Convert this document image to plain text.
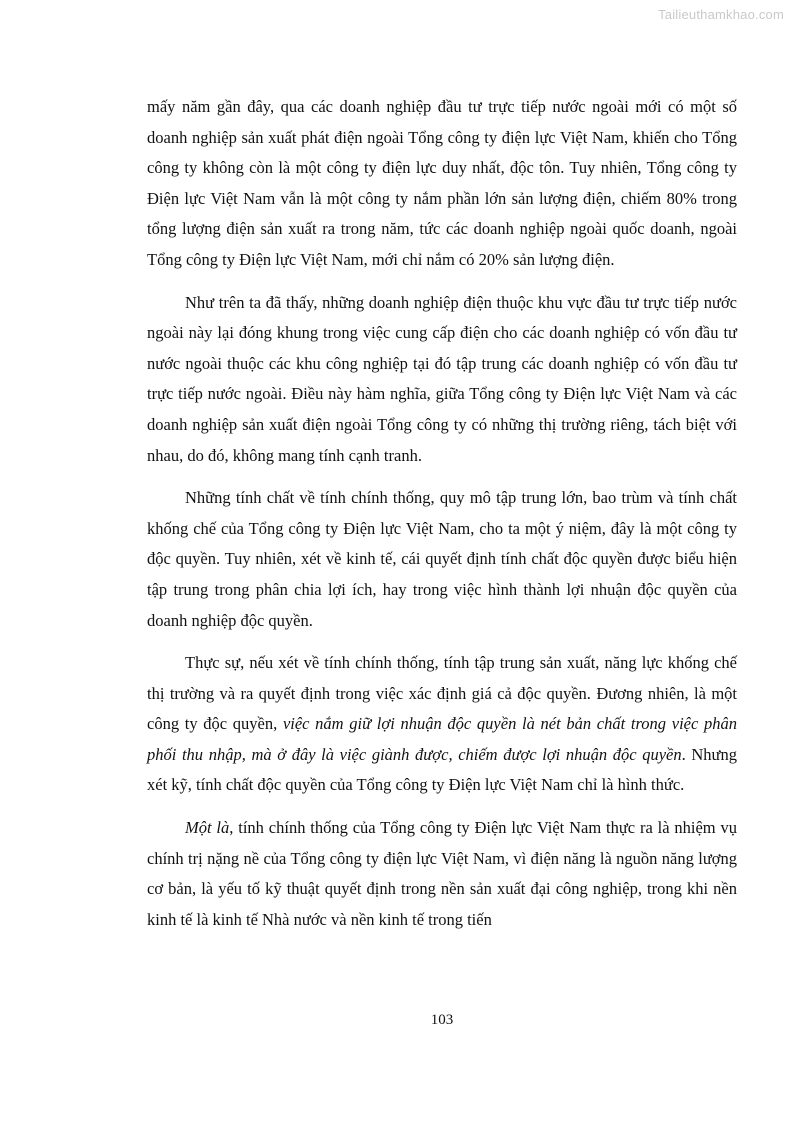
Tailieuthamkhao.com

mấy năm gần đây, qua các doanh nghiệp đầu tư trực tiếp nước ngoài mới có một số doanh nghiệp sản xuất phát điện ngoài Tổng công ty điện lực Việt Nam, khiến cho Tổng công ty không còn là một công ty điện lực duy nhất, độc tôn. Tuy nhiên, Tổng công ty Điện lực Việt Nam vẫn là một công ty nắm phần lớn sản lượng điện, chiếm 80% trong tổng lượng điện sản xuất ra trong năm, tức các doanh nghiệp ngoài quốc doanh, ngoài Tổng công ty Điện lực Việt Nam, mới chỉ nắm có 20% sản lượng điện.

Như trên ta đã thấy, những doanh nghiệp điện thuộc khu vực đầu tư trực tiếp nước ngoài này lại đóng khung trong việc cung cấp điện cho các doanh nghiệp có vốn đầu tư nước ngoài thuộc các khu công nghiệp tại đó tập trung các doanh nghiệp có vốn đầu tư trực tiếp nước ngoài. Điều này hàm nghĩa, giữa Tổng công ty Điện lực Việt Nam và các doanh nghiệp sản xuất điện ngoài Tổng công ty có những thị trường riêng, tách biệt với nhau, do đó, không mang tính cạnh tranh.

Những tính chất về tính chính thống, quy mô tập trung lớn, bao trùm và tính chất khống chế của Tổng công ty Điện lực Việt Nam, cho ta một ý niệm, đây là một công ty độc quyền. Tuy nhiên, xét về kinh tế, cái quyết định tính chất độc quyền được biểu hiện tập trung trong phân chia lợi ích, hay trong việc hình thành lợi nhuận độc quyền của doanh nghiệp độc quyền.

Thực sự, nếu xét về tính chính thống, tính tập trung sản xuất, năng lực khống chế thị trường và ra quyết định trong việc xác định giá cả độc quyền. Đương nhiên, là một công ty độc quyền, việc nắm giữ lợi nhuận độc quyền là nét bản chất trong việc phân phối thu nhập, mà ở đây là việc giành được, chiếm được lợi nhuận độc quyền. Nhưng xét kỹ, tính chất độc quyền của Tổng công ty Điện lực Việt Nam chỉ là hình thức.

Một là, tính chính thống của Tổng công ty Điện lực Việt Nam thực ra là nhiệm vụ chính trị nặng nề của Tổng công ty điện lực Việt Nam, vì điện năng là nguồn năng lượng cơ bản, là yếu tố kỹ thuật quyết định trong nền sản xuất đại công nghiệp, trong khi nền kinh tế là kinh tế Nhà nước và nền kinh tế trong tiến

103
